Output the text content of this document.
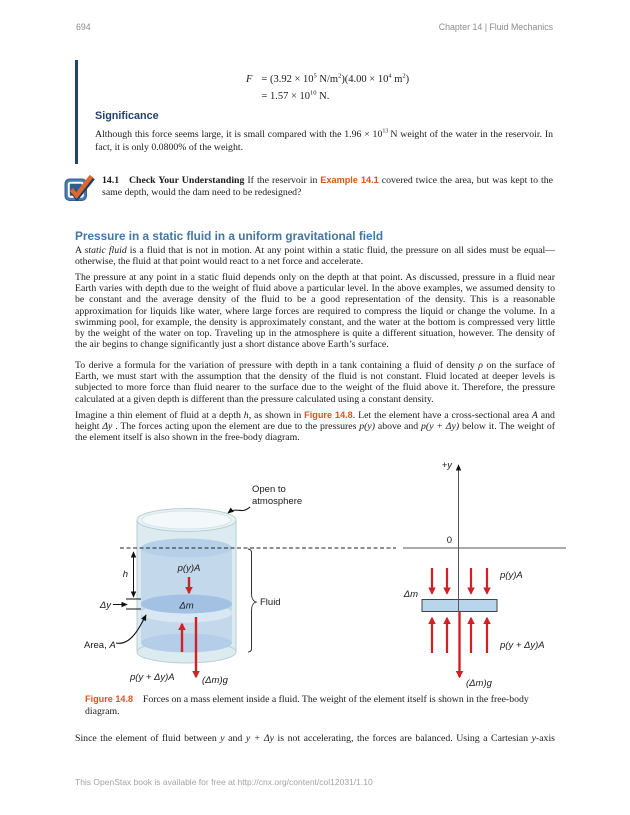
694	Chapter 14 | Fluid Mechanics
$F = (3.92 \times 10^5$ $N/m^2)(4.00 \times 10^4$ $m^2$)
= $1.57 \times 10^{10}$ N.
Significance
Although this force seems large, it is small compared with the $1.96 \times 10^{13}$ N weight of the water in the reservoir. In fact, it is only 0.0800% of the weight.
14.1  Check Your Understanding If the reservoir in Example 14.1 covered twice the area, but was kept to the same depth, would the dam need to be redesigned?
Pressure in a static fluid in a uniform gravitational field

A static fluid is a fluid that is not in motion. At any point within a static fluid, the pressure on all sides must be equal—otherwise, the fluid at that point would react to a net force and accelerate.

The pressure at any point in a static fluid depends only on the depth at that point. As discussed, pressure in a fluid near Earth varies with depth due to the weight of fluid above a particular level. In the above examples, we assumed density to be constant and the average density of the fluid to be a good representation of the density. This is a reasonable approximation for liquids like water, where large forces are required to compress the liquid or change the volume. In a swimming pool, for example, the density is approximately constant, and the water at the bottom is compressed very little by the weight of the water on top. Traveling up in the atmosphere is quite a different situation, however. The density of the air begins to change significantly just a short distance above Earth’s surface.

To derive a formula for the variation of pressure with depth in a tank containing a fluid of density ρ on the surface of Earth, we must start with the assumption that the density of the fluid is not constant. Fluid located at deeper levels is subjected to more force than fluid nearer to the surface due to the weight of the fluid above it. Therefore, the pressure calculated at a given depth is different than the pressure calculated using a constant density.

Imagine a thin element of fluid at a depth h, as shown in Figure 14.8. Let the element have a cross-sectional area A and height Δy . The forces acting upon the element are due to the pressures p(y) above and p(y + Δy) below it. The weight of the element itself is also shown in the free-body diagram.

h
Δy
p(y)A
Δm
Open to
atmosphere
Area, A
Fluid
p(y + Δy)A	(Δm)g
+y
0
p(y)A
Δm
p(y + Δy)A
(Δm)g
Figure 14.8  Forces on a mass element inside a fluid. The weight of the element itself is shown in the free-body diagram.

Since the element of fluid between y and y + Δy is not accelerating, the forces are balanced. Using a Cartesian y-axis

This OpenStax book is available for free at http://cnx.org/content/col12031/1.10
